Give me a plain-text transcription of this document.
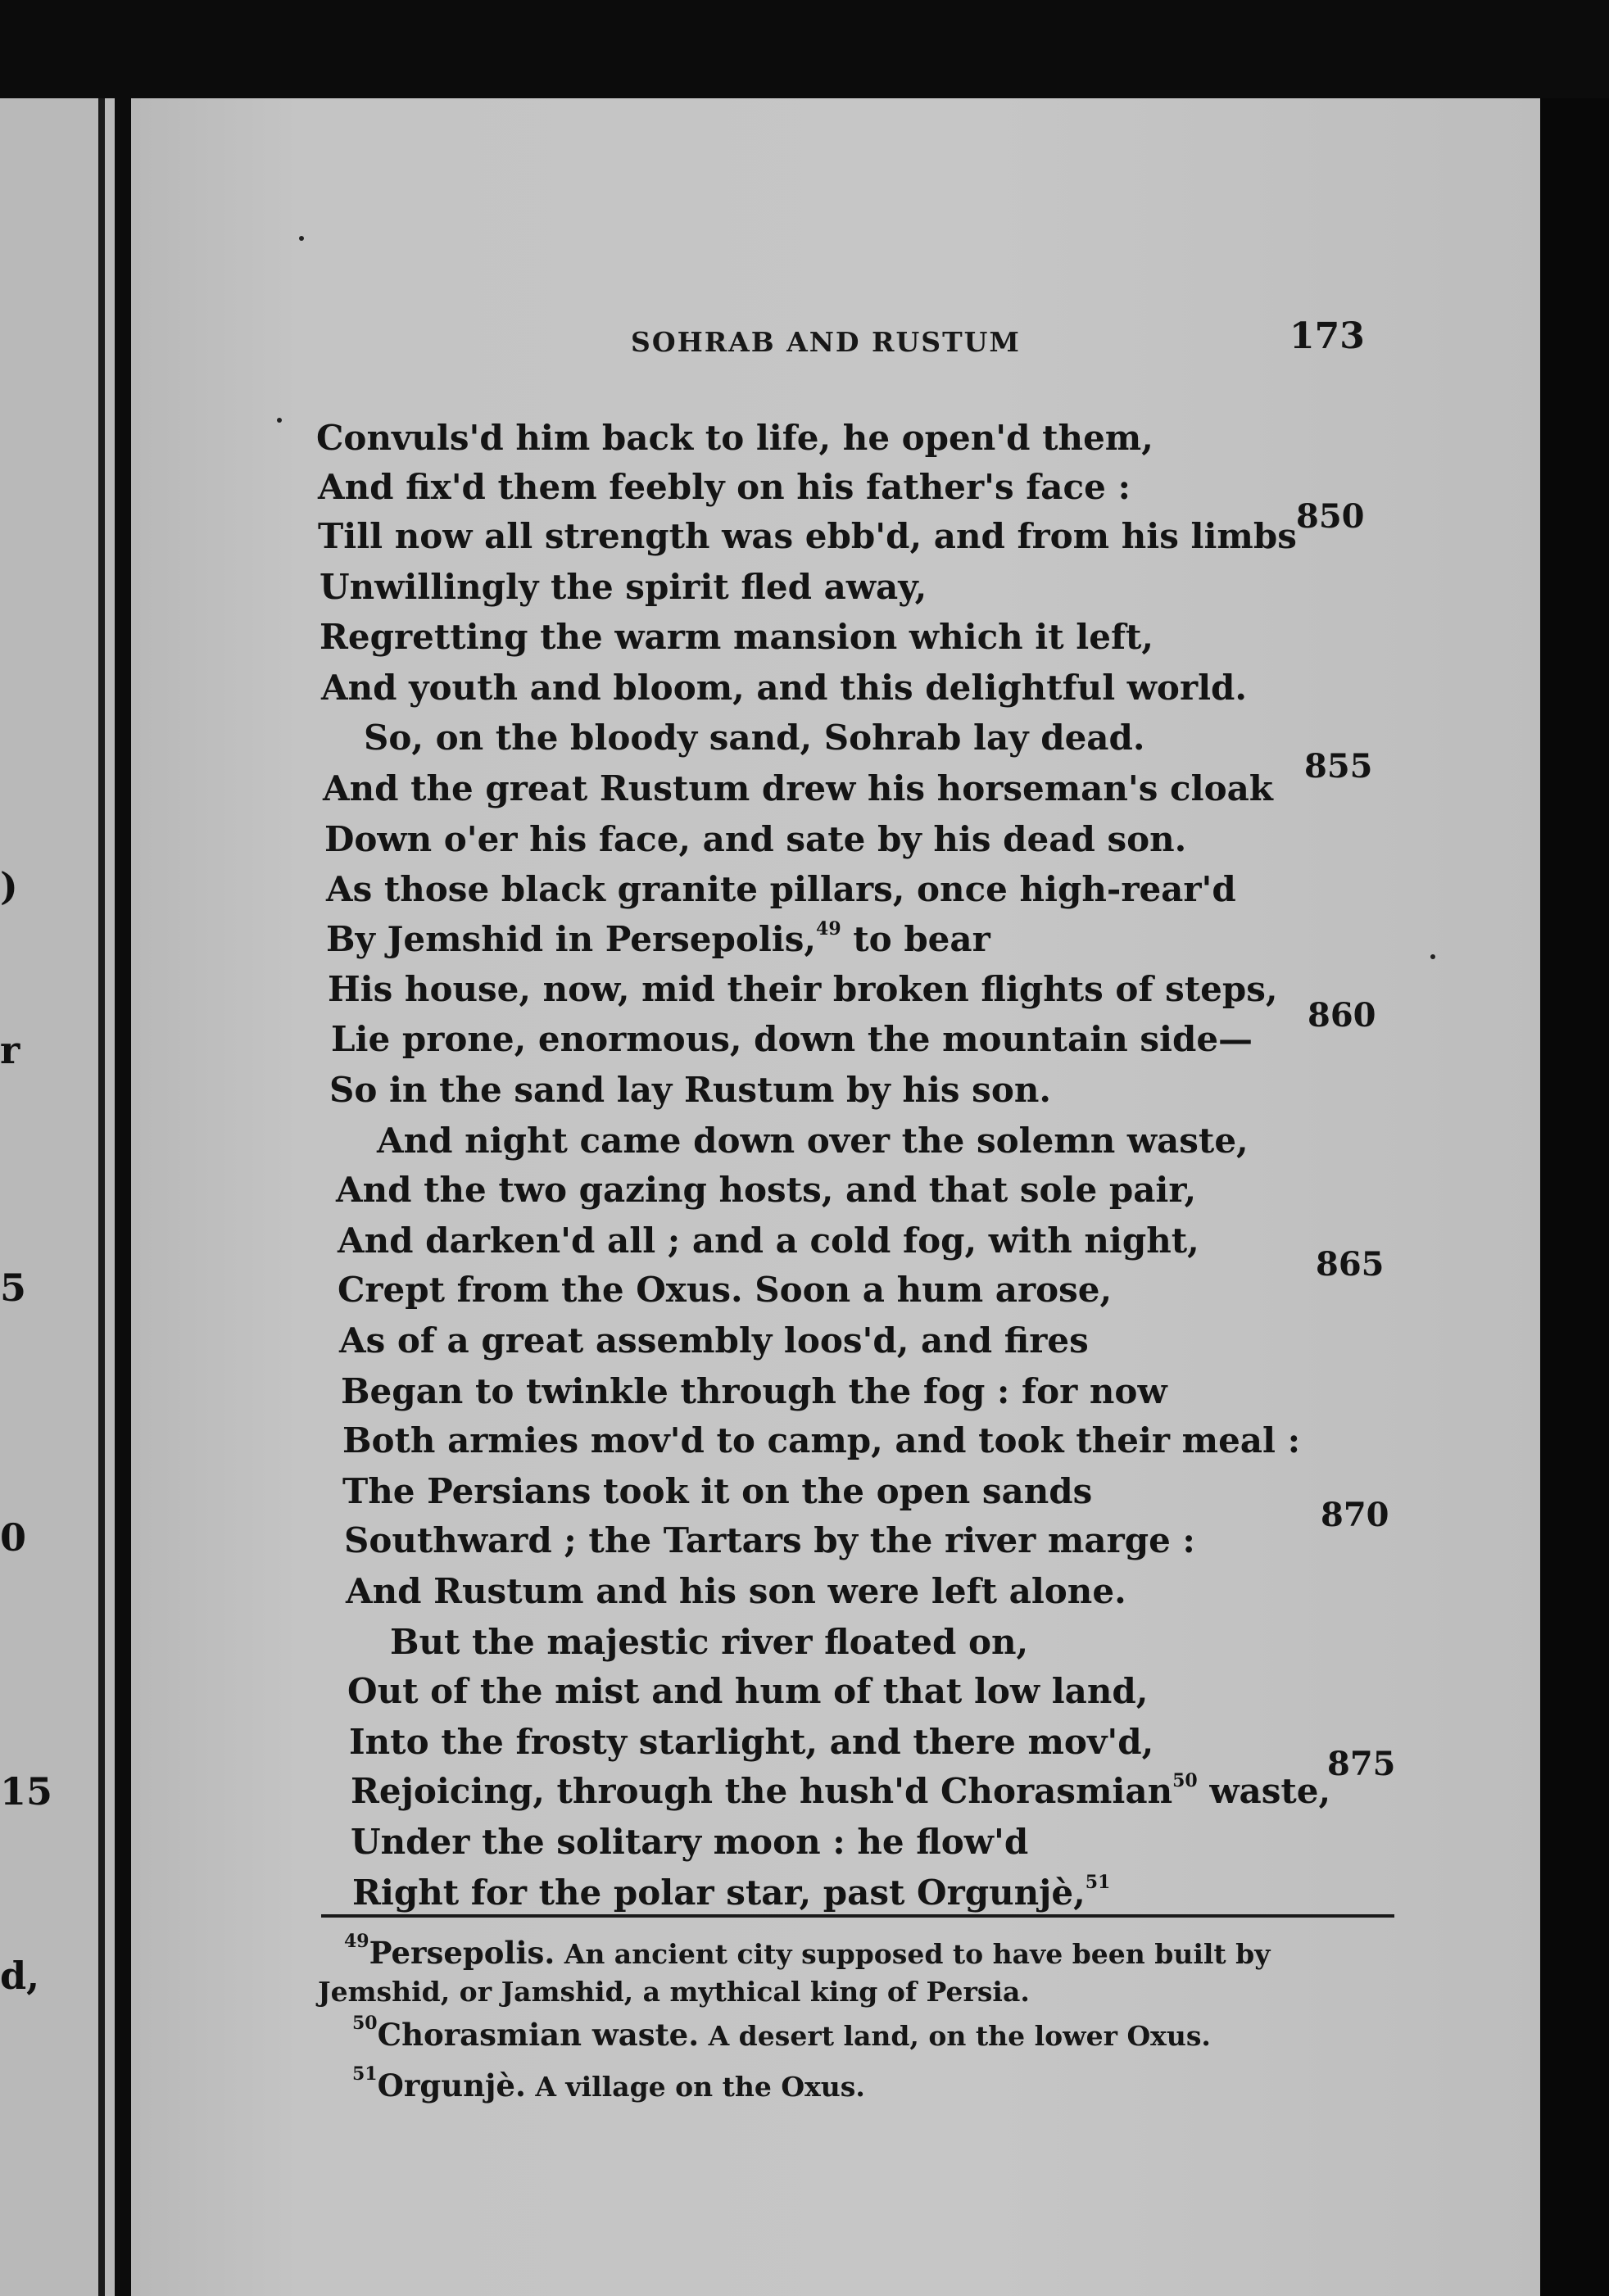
)
r
5
0
15
d,
SOHRAB AND RUSTUM	173
Convuls'd him back to life, he open'd them,
And fix'd them feebly on his father's face :
Till now all strength was ebb'd, and from his limbs
Unwillingly the spirit fled away,
Regretting the warm mansion which it left,
And youth and bloom, and this delightful world.
So, on the bloody sand, Sohrab lay dead.
And the great Rustum drew his horseman's cloak
Down o'er his face, and sate by his dead son.
As those black granite pillars, once high-rear'd
By Jemshid in Persepolis,$^{49}$ to bear
His house, now, mid their broken flights of steps,
Lie prone, enormous, down the mountain side—
So in the sand lay Rustum by his son.
And night came down over the solemn waste,
And the two gazing hosts, and that sole pair,
And darken'd all ; and a cold fog, with night,
Crept from the Oxus. Soon a hum arose,
As of a great assembly loos'd, and fires
Began to twinkle through the fog : for now
Both armies mov'd to camp, and took their meal :
The Persians took it on the open sands
Southward ; the Tartars by the river marge :
And Rustum and his son were left alone.
But the majestic river floated on,
Out of the mist and hum of that low land,
Into the frosty starlight, and there mov'd,
Rejoicing, through the hush'd Chorasmian$^{50}$ waste,
Under the solitary moon : he flow'd
Right for the polar star, past Orgunjè,$^{51}$
850
855
860
865
870
875
$^{49}$Persepolis. An ancient city supposed to have been built by
Jemshid, or Jamshid, a mythical king of Persia.
$^{50}$Chorasmian waste. A desert land, on the lower Oxus.
$^{51}$Orgunjè. A village on the Oxus.
